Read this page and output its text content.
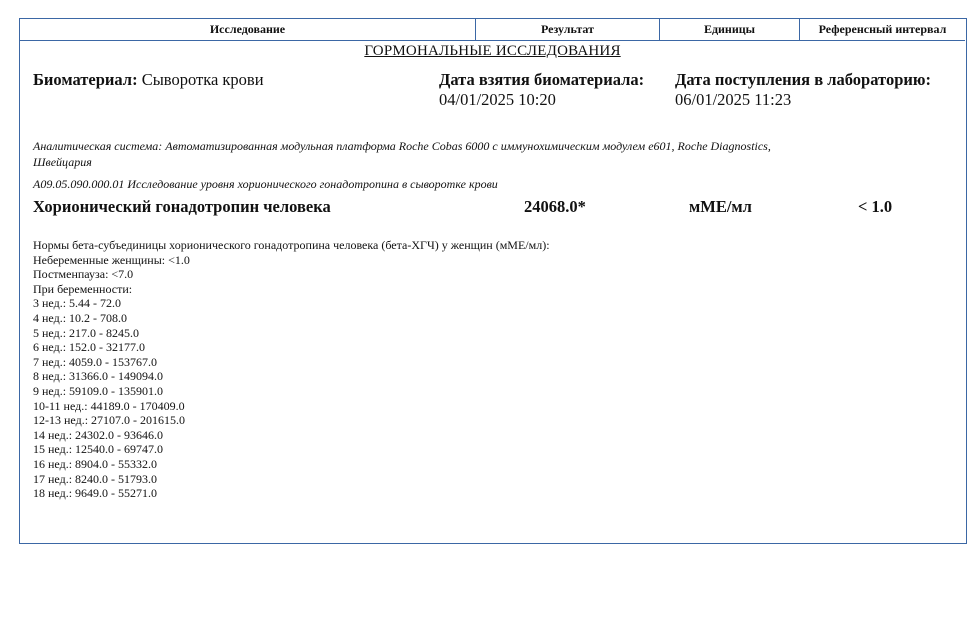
Исследование	Результат	Единицы	Референсный интервал
ГОРМОНАЛЬНЫЕ ИССЛЕДОВАНИЯ
Биоматериал: Сыворотка крови	Дата взятия биоматериала:
04/01/2025 10:20
Дата поступления в лабораторию:
06/01/2025 11:23
Аналитическая система: Автоматизированная модульная платформа Roche Cobas 6000 с иммунохимическим модулем e601, Roche Diagnostics,
Швейцария
A09.05.090.000.01 Исследование уровня хорионического гонадотропина в сыворотке крови
Хорионический гонадотропин человека	24068.0*	мМЕ/мл	< 1.0
Нормы бета-субъединицы хорионического гонадотропина человека (бета-ХГЧ) у женщин (мМЕ/мл):
Небеременные женщины: <1.0
Постменпауза: <7.0
При беременности:
3 нед.: 5.44 - 72.0
4 нед.: 10.2 - 708.0
5 нед.: 217.0 - 8245.0
6 нед.: 152.0 - 32177.0
7 нед.: 4059.0 - 153767.0
8 нед.: 31366.0 - 149094.0
9 нед.: 59109.0 - 135901.0
10-11 нед.: 44189.0 - 170409.0
12-13 нед.: 27107.0 - 201615.0
14 нед.: 24302.0 - 93646.0
15 нед.: 12540.0 - 69747.0
16 нед.: 8904.0 - 55332.0
17 нед.: 8240.0 - 51793.0
18 нед.: 9649.0 - 55271.0
